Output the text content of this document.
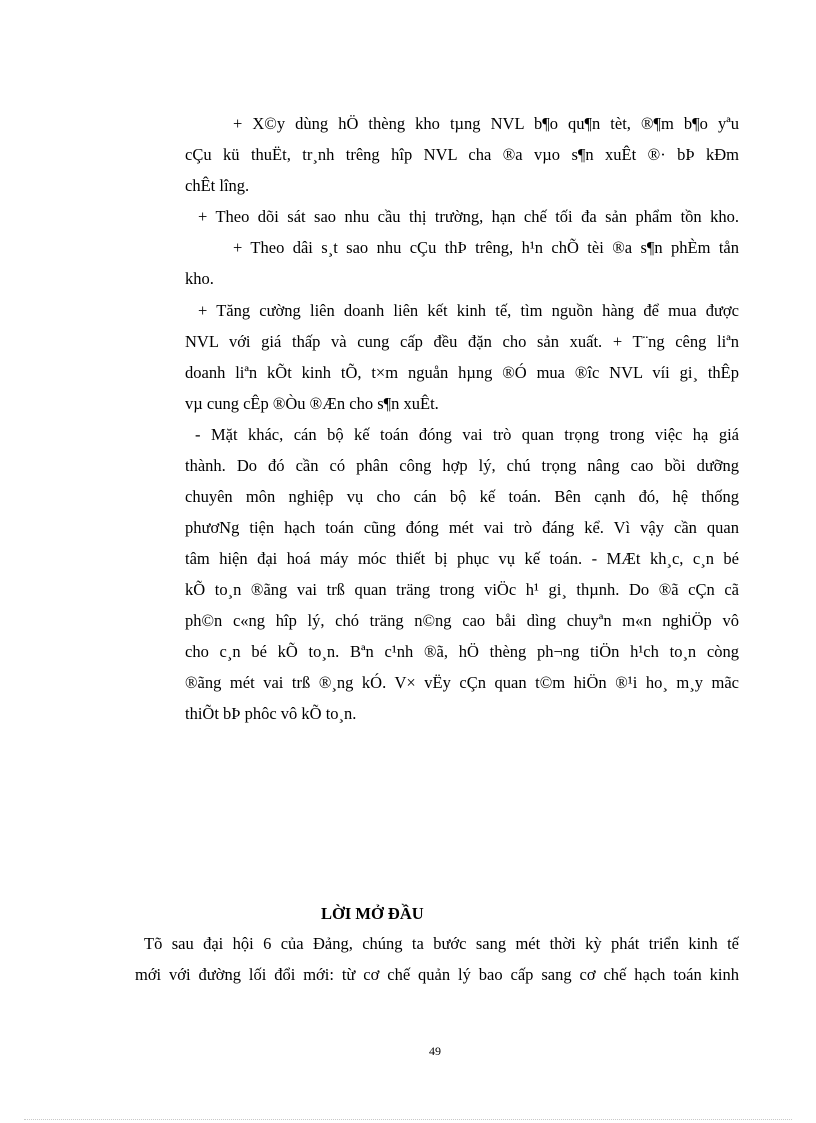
+ X©y dùng hÖ thèng kho tµng NVL b¶o qu¶n tèt, ®¶m b¶o yªu

cÇu kü thuËt, tr¸nh trêng hîp NVL cha ®a vµo s¶n xuÊt ®· bÞ kÐm

chÊt lîng.

+ Theo dõi sát sao nhu cầu thị trường, hạn chế tối đa sản phẩm tồn kho.

+ Theo dâi s¸t sao nhu cÇu thÞ trêng, h¹n chÕ tèi ®a s¶n phÈm tån

kho.

+ Tăng cường liên doanh liên kết kinh tế, tìm nguồn hàng để mua được

NVL với giá thấp và cung cấp đều đặn cho sản xuất. + T¨ng cêng liªn

doanh liªn kÕt kinh tÕ, t×m nguån hµng ®Ó mua ®îc NVL víi gi¸ thÊp

vµ cung cÊp ®Òu ®Æn cho s¶n xuÊt.

- Mặt khác, cán bộ kế toán đóng vai trò quan trọng trong việc hạ giá

thành. Do đó cần có phân công hợp lý, chú trọng nâng cao bồi dưỡng

chuyên môn nghiệp vụ cho cán bộ kế toán. Bên cạnh đó, hệ thống

phươNg tiện hạch toán cũng đóng mét vai trò đáng kể. Vì vậy cần quan

tâm hiện đại hoá máy móc thiết bị phục vụ kế toán. - MÆt kh¸c, c¸n bé

kÕ to¸n ®ãng vai trß quan träng trong viÖc h¹ gi¸ thµnh. Do ®ã cÇn cã

ph©n c«ng hîp lý, chó träng n©ng cao båi dìng chuyªn m«n nghiÖp vô

cho c¸n bé kÕ to¸n. Bªn c¹nh ®ã, hÖ thèng ph¬ng tiÖn h¹ch to¸n còng

®ãng mét vai trß ®¸ng kÓ. V× vËy cÇn quan t©m hiÖn ®¹i ho¸ m¸y mãc

thiÕt bÞ phôc vô kÕ to¸n.

LỜI MỞ ĐẦU

Tõ sau đại hội 6 của Đảng, chúng ta bước sang mét thời kỳ phát triển kinh tế

mới với đường lối đổi mới: từ cơ chế quản lý bao cấp sang cơ chế hạch toán kinh

49
